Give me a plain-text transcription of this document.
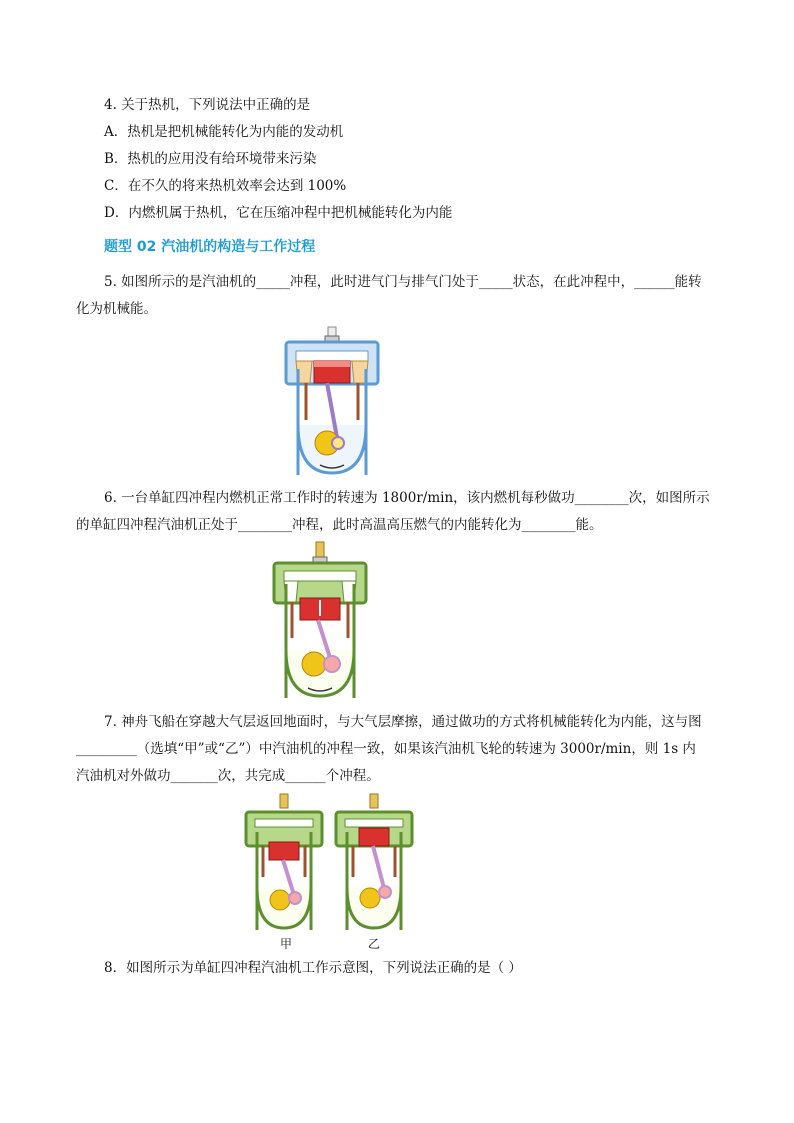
4. 关于热机，下列说法中正确的是
A．热机是把机械能转化为内能的发动机
B．热机的应用没有给环境带来污染
C．在不久的将来热机效率会达到 100%
D．内燃机属于热机，它在压缩冲程中把机械能转化为内能
题型 02 汽油机的构造与工作过程
5. 如图所示的是汽油机的_____冲程，此时进气门与排气门处于_____状态，在此冲程中，______能转
化为机械能。
6. 一台单缸四冲程内燃机正常工作时的转速为 1800r/min，该内燃机每秒做功________次，如图所示
的单缸四冲程汽油机正处于________冲程，此时高温高压燃气的内能转化为________能。
7. 神舟飞船在穿越大气层返回地面时，与大气层摩擦，通过做功的方式将机械能转化为内能，这与图
_________（选填“甲”或“乙”）中汽油机的冲程一致，如果该汽油机飞轮的转速为 3000r/min，则 1s 内
汽油机对外做功_______次，共完成______个冲程。
甲	乙
8．如图所示为单缸四冲程汽油机工作示意图，下列说法正确的是（ ）
